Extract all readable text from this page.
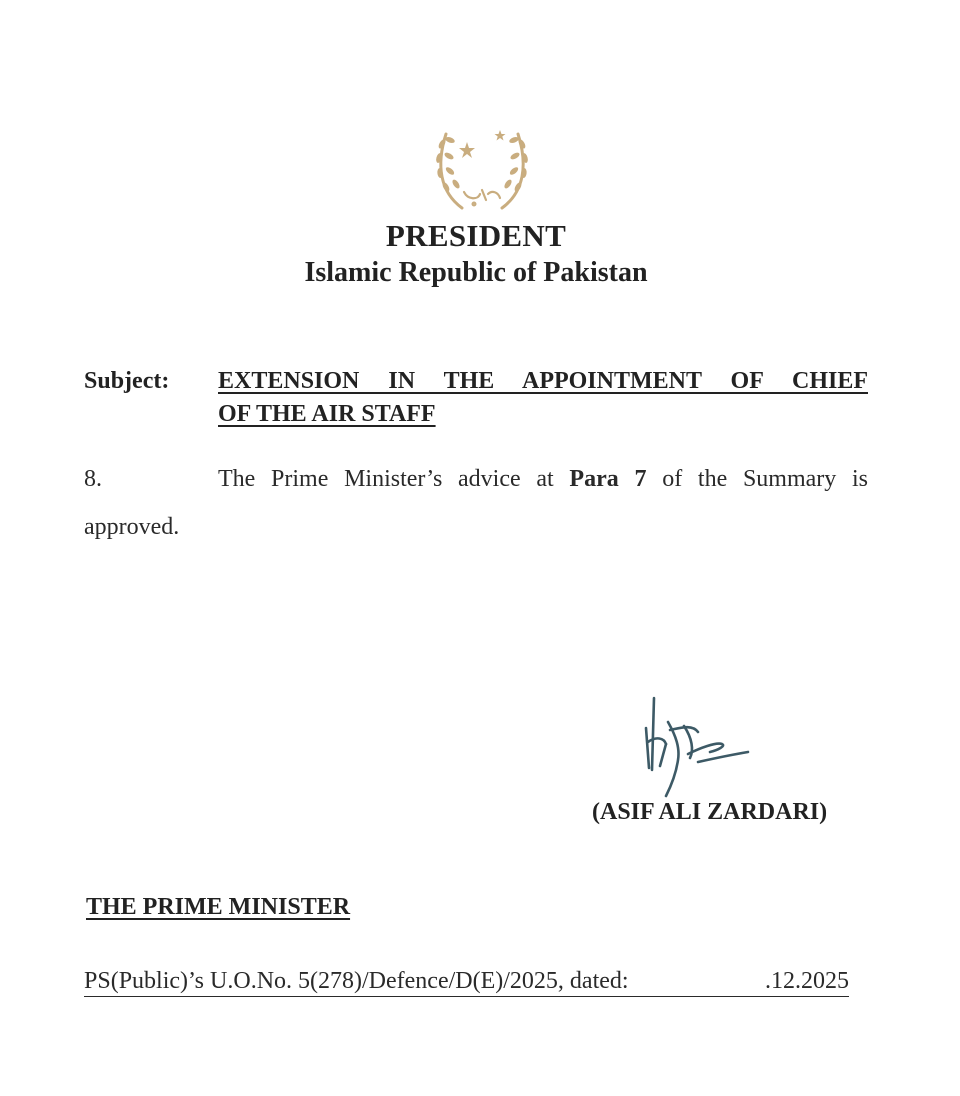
PRESIDENT
Islamic Republic of Pakistan
Subject: EXTENSION IN THE APPOINTMENT OF CHIEF
OF THE AIR STAFF
8.	The Prime Minister’s advice at Para 7 of the Summary is
approved.
(ASIF ALI ZARDARI)
THE PRIME MINISTER
PS(Public)’s U.O.No. 5(278)/Defence/D(E)/2025, dated:	.12.2025
